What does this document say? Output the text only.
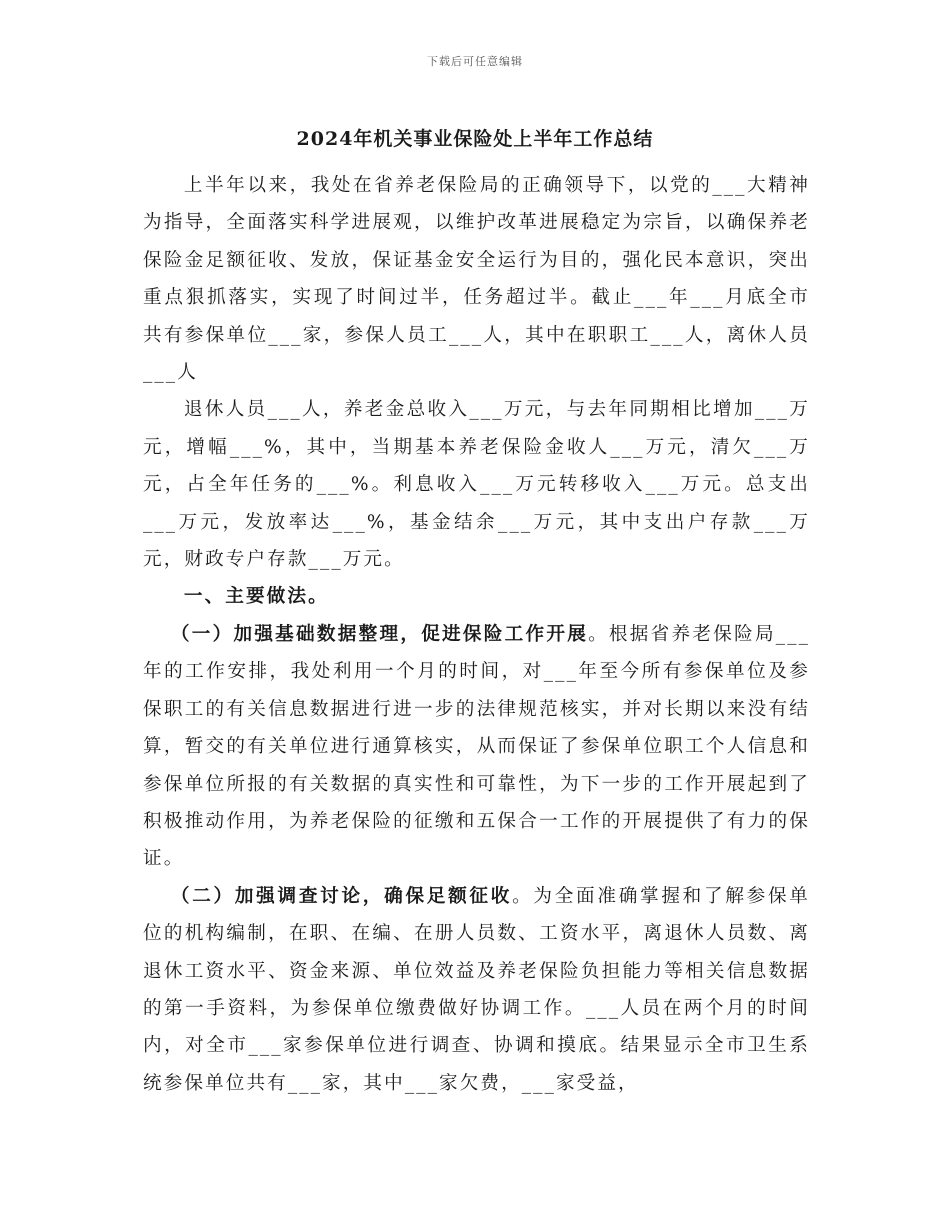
下载后可任意编辑
2024年机关事业保险处上半年工作总结

上半年以来，我处在省养老保险局的正确领导下，以党的___大精神为指导，全面落实科学进展观，以维护改革进展稳定为宗旨，以确保养老保险金足额征收、发放，保证基金安全运行为目的，强化民本意识，突出重点狠抓落实，实现了时间过半，任务超过半。截止___年___月底全市共有参保单位___家，参保人员工___人，其中在职职工___人，离休人员___人

退休人员___人，养老金总收入___万元，与去年同期相比增加___万元，增幅___%，其中，当期基本养老保险金收人___万元，清欠___万元，占全年任务的___%。利息收入___万元转移收入___万元。总支出___万元，发放率达___%，基金结余___万元，其中支出户存款___万元，财政专户存款___万元。

一、主要做法。

（一）加强基础数据整理，促进保险工作开展。根据省养老保险局___年的工作安排，我处利用一个月的时间，对___年至今所有参保单位及参保职工的有关信息数据进行进一步的法律规范核实，并对长期以来没有结算，暂交的有关单位进行通算核实，从而保证了参保单位职工个人信息和参保单位所报的有关数据的真实性和可靠性，为下一步的工作开展起到了积极推动作用，为养老保险的征缴和五保合一工作的开展提供了有力的保证。

（二）加强调查讨论，确保足额征收。为全面准确掌握和了解参保单位的机构编制，在职、在编、在册人员数、工资水平，离退休人员数、离退休工资水平、资金来源、单位效益及养老保险负担能力等相关信息数据的第一手资料，为参保单位缴费做好协调工作。___人员在两个月的时间内，对全市___家参保单位进行调查、协调和摸底。结果显示全市卫生系统参保单位共有___家，其中___家欠费，___家受益，
